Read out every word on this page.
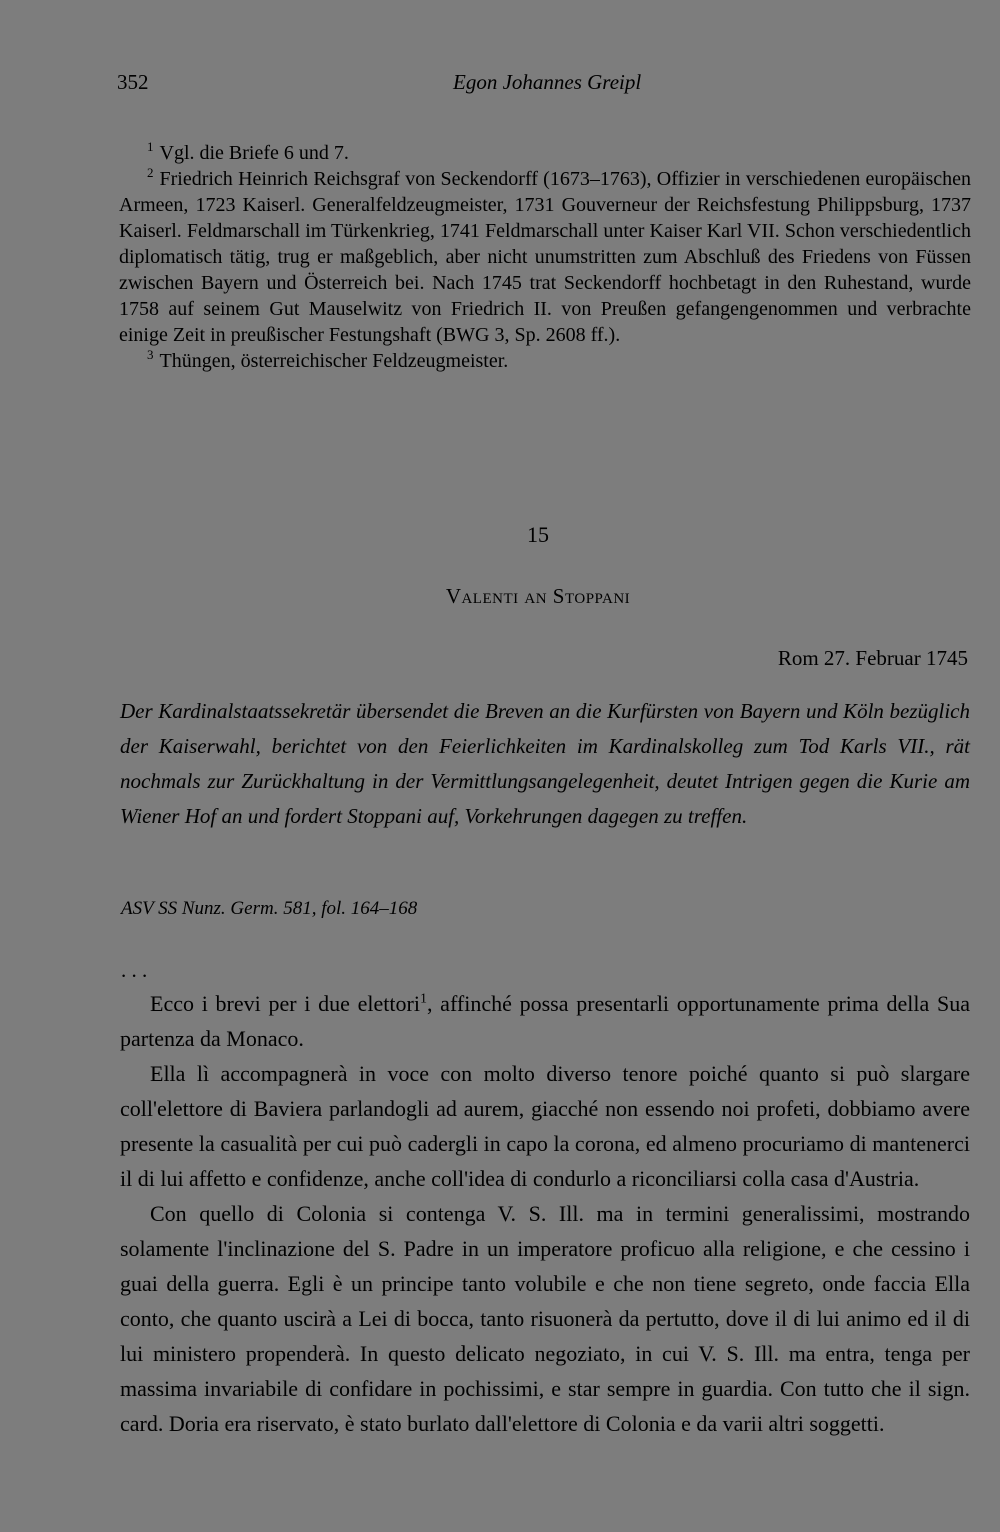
352	Egon Johannes Greipl

$^1$ Vgl. die Briefe 6 und 7.

$^2$ Friedrich Heinrich Reichsgraf von Seckendorff (1673–1763), Offizier in verschiedenen europäischen Armeen, 1723 Kaiserl. Generalfeldzeugmeister, 1731 Gouverneur der Reichsfestung Philippsburg, 1737 Kaiserl. Feldmarschall im Türkenkrieg, 1741 Feldmarschall unter Kaiser Karl VII. Schon verschiedentlich diplomatisch tätig, trug er maßgeblich, aber nicht unumstritten zum Abschluß des Friedens von Füssen zwischen Bayern und Österreich bei. Nach 1745 trat Seckendorff hochbetagt in den Ruhestand, wurde 1758 auf seinem Gut Mauselwitz von Friedrich II. von Preußen gefangengenommen und verbrachte einige Zeit in preußischer Festungshaft (BWG 3, Sp. 2608 ff.).

$^3$ Thüngen, österreichischer Feldzeugmeister.

15
Valenti an Stoppani
Rom 27. Februar 1745

Der Kardinalstaatssekretär übersendet die Breven an die Kurfürsten von Bayern und Köln bezüglich der Kaiserwahl, berichtet von den Feierlichkeiten im Kardinalskolleg zum Tod Karls VII., rät nochmals zur Zurückhaltung in der Vermittlungsangelegenheit, deutet Intrigen gegen die Kurie am Wiener Hof an und fordert Stoppani auf, Vorkehrungen dagegen zu treffen.

ASV SS Nunz. Germ. 581, fol. 164–168
. . .

Ecco i brevi per i due elettori$^1$, affinché possa presentarli opportunamente prima della Sua partenza da Monaco.

Ella lì accompagnerà in voce con molto diverso tenore poiché quanto si può slargare coll'elettore di Baviera parlandogli ad aurem, giacché non essendo noi profeti, dobbiamo avere presente la casualità per cui può cadergli in capo la corona, ed almeno procuriamo di mantenerci il di lui affetto e confidenze, anche coll'idea di condurlo a riconciliarsi colla casa d'Austria.

Con quello di Colonia si contenga V. S. Ill. ma in termini generalissimi, mostrando solamente l'inclinazione del S. Padre in un imperatore proficuo alla religione, e che cessino i guai della guerra. Egli è un principe tanto volubile e che non tiene segreto, onde faccia Ella conto, che quanto uscirà a Lei di bocca, tanto risuonerà da pertutto, dove il di lui animo ed il di lui ministero propenderà. In questo delicato negoziato, in cui V. S. Ill. ma entra, tenga per massima invariabile di confidare in pochissimi, e star sempre in guardia. Con tutto che il sign. card. Doria era riservato, è stato burlato dall'elettore di Colonia e da varii altri soggetti.
